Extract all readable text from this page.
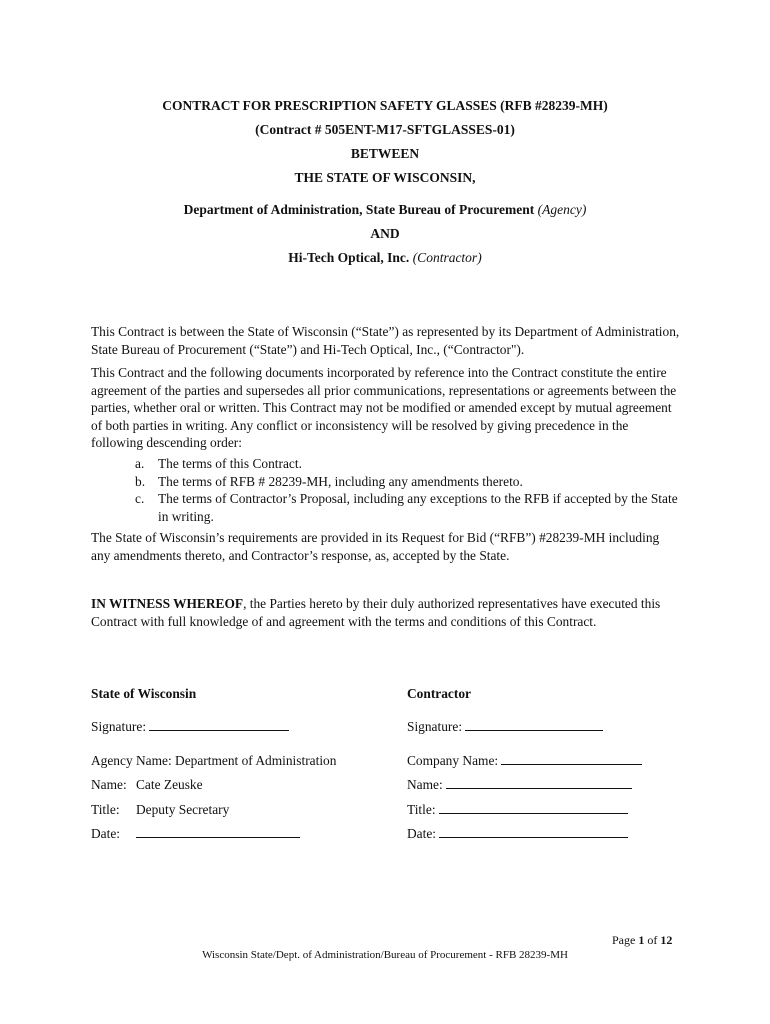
CONTRACT FOR PRESCRIPTION SAFETY GLASSES (RFB #28239-MH)
(Contract # 505ENT-M17-SFTGLASSES-01)
BETWEEN
THE STATE OF WISCONSIN,
Department of Administration, State Bureau of Procurement (Agency)
AND
Hi-Tech Optical, Inc. (Contractor)
This Contract is between the State of Wisconsin (“State”) as represented by its Department of Administration, State Bureau of Procurement (“State”) and Hi-Tech Optical, Inc., (“Contractor").
This Contract and the following documents incorporated by reference into the Contract constitute the entire agreement of the parties and supersedes all prior communications, representations or agreements between the parties, whether oral or written. This Contract may not be modified or amended except by mutual agreement of both parties in writing. Any conflict or inconsistency will be resolved by giving precedence in the following descending order:
a.	The terms of this Contract.
b. The terms of RFB # 28239-MH, including any amendments thereto.
c.	The terms of Contractor’s Proposal, including any exceptions to the RFB if accepted by the State in writing.
The State of Wisconsin’s requirements are provided in its Request for Bid (“RFB”) #28239-MH including any amendments thereto, and Contractor’s response, as, accepted by the State.
IN WITNESS WHEREOF, the Parties hereto by their duly authorized representatives have executed this Contract with full knowledge of and agreement with the terms and conditions of this Contract.
State of Wisconsin
Signature:
Agency Name: Department of Administration
Name: Cate Zeuske
Title: Deputy Secretary
Date:
Contractor
Signature:
Company Name:
Name:
Title:
Date:
Page 1 of 12
Wisconsin State/Dept. of Administration/Bureau of Procurement - RFB 28239-MH
